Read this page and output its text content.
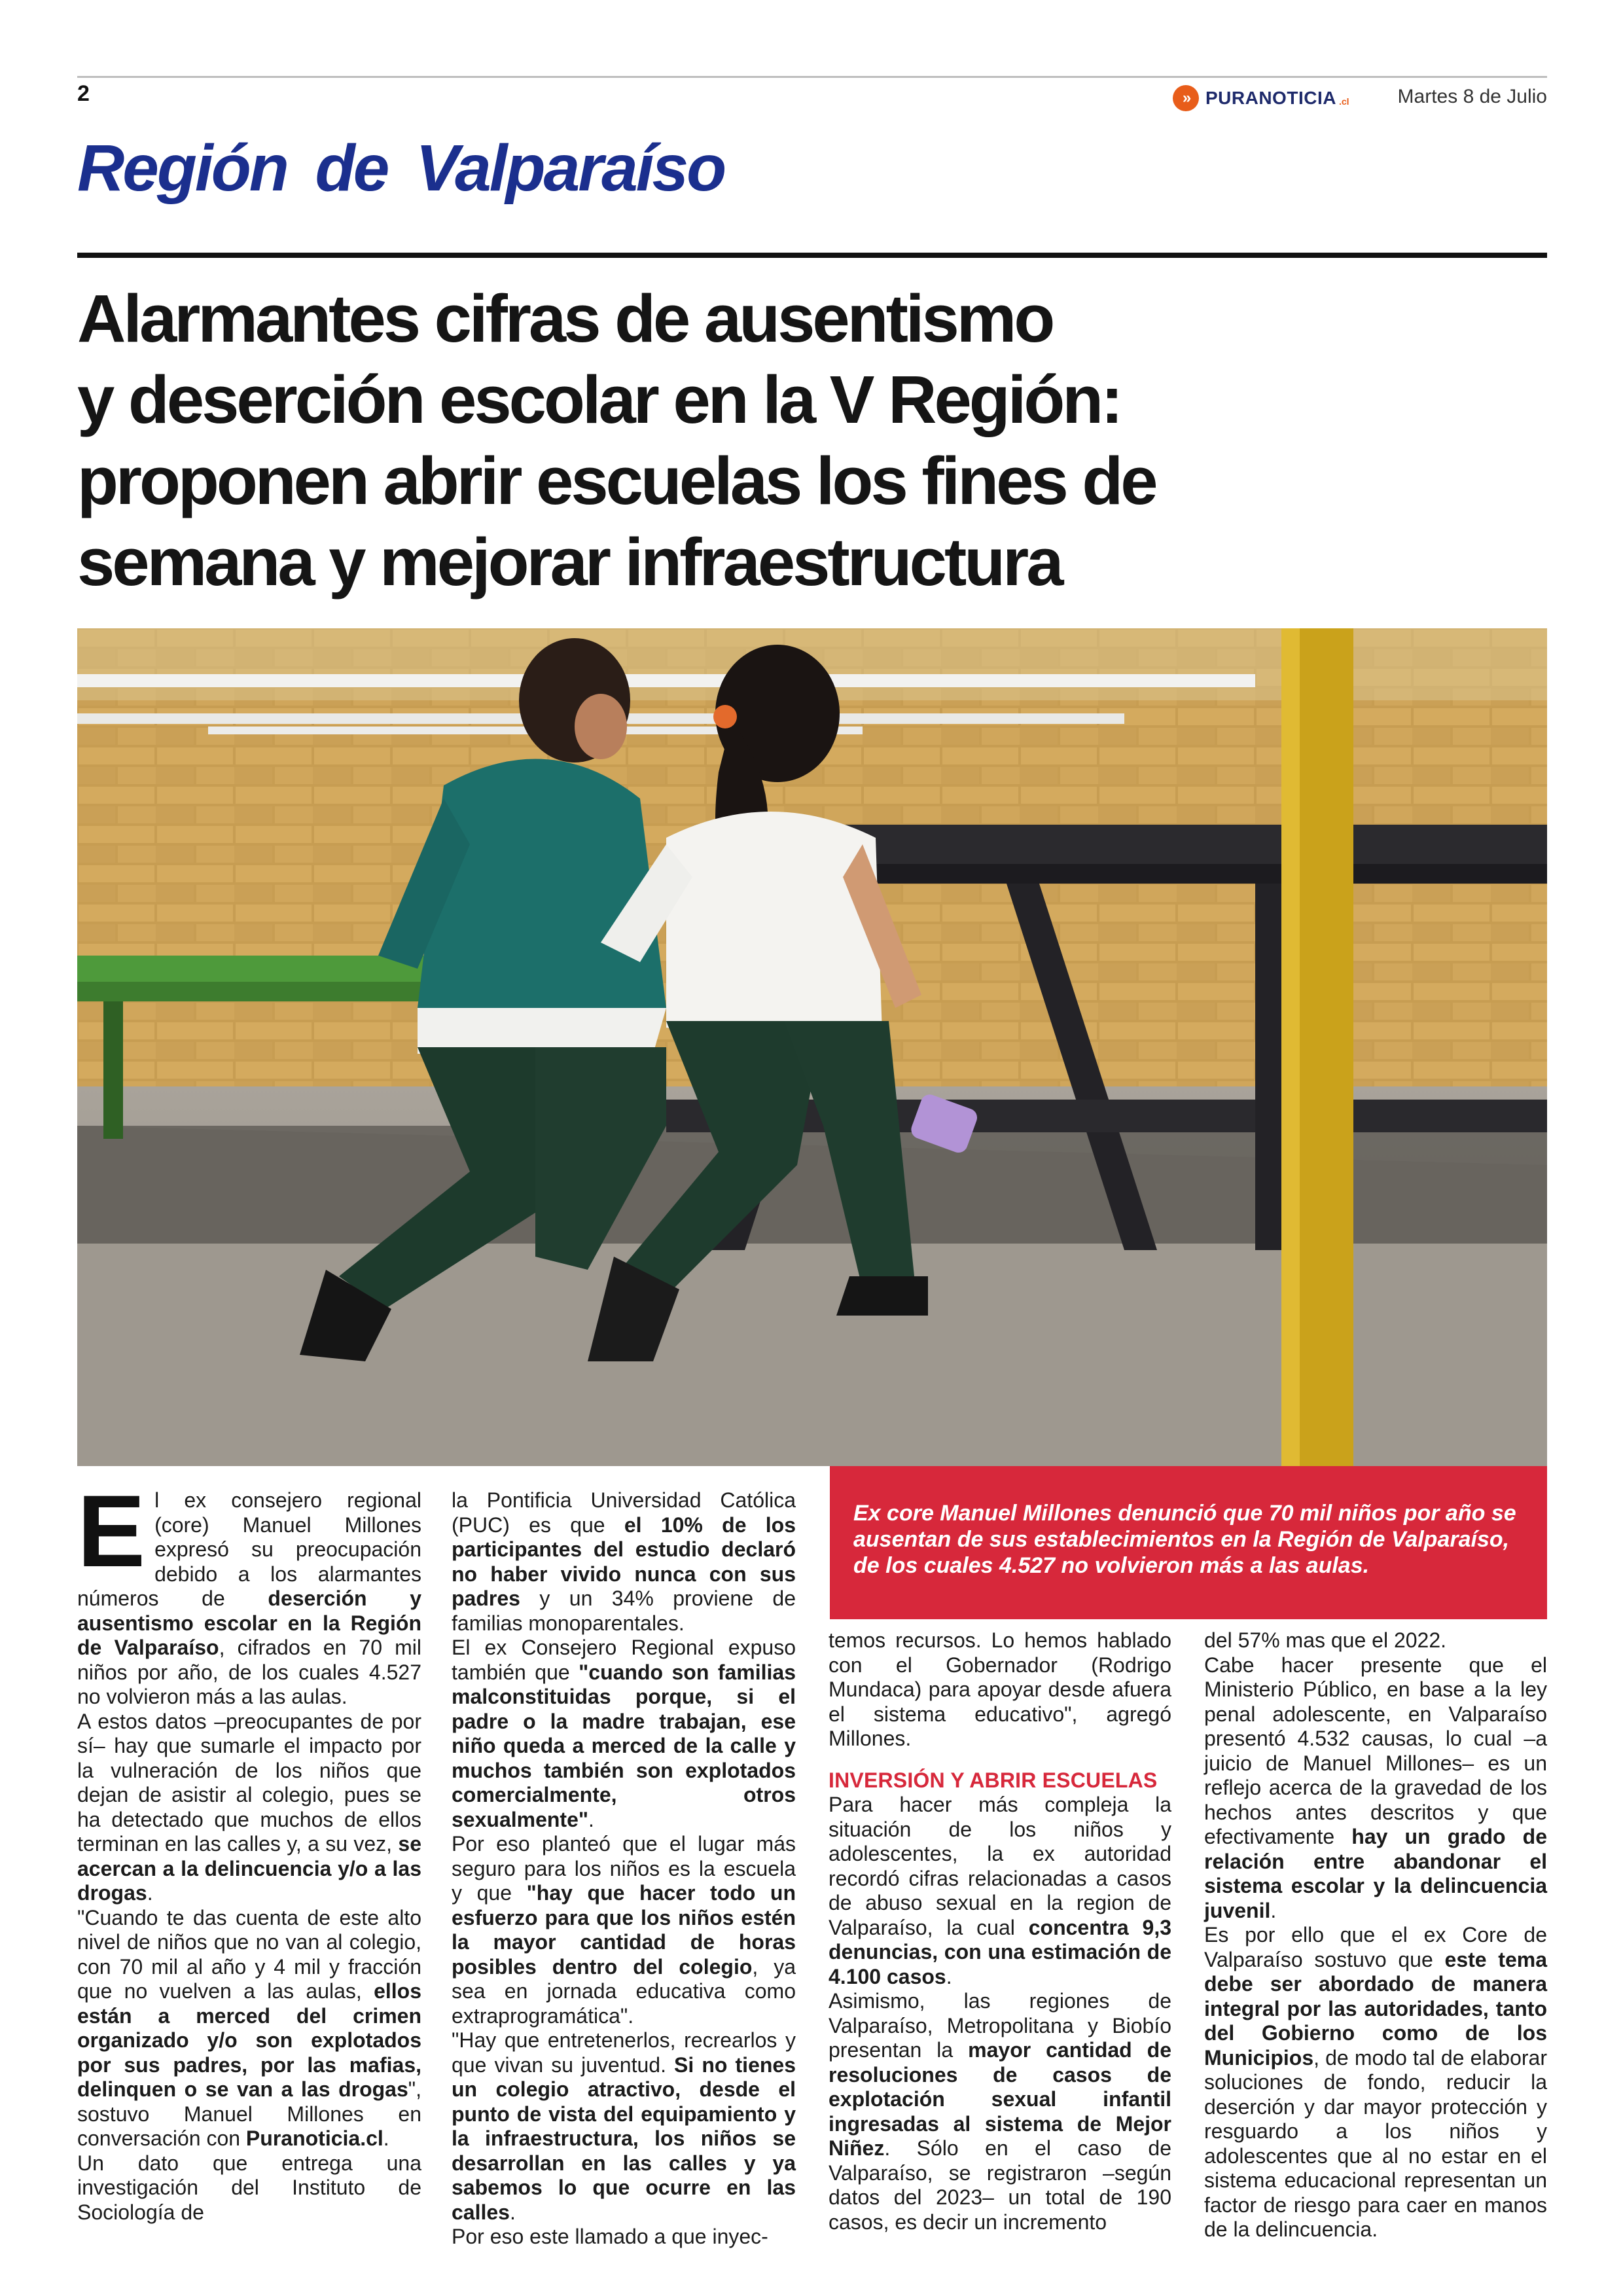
2	» PURANOTICIA .cl	Martes 8 de Julio
Región de Valparaíso
Alarmantes cifras de ausentismo
y deserción escolar en la V Región:
proponen abrir escuelas los fines de
semana y mejorar infraestructura
Ex core Manuel Millones denunció que 70 mil niños por año se ausentan de sus establecimientos en la Región de Valparaíso, de los cuales 4.527 no volvieron más a las aulas.

El ex consejero regional (core) Manuel Millones expresó su preocupación debido a los alarmantes números de deserción y ausentismo escolar en la Región de Valparaíso, cifrados en 70 mil niños por año, de los cuales 4.527 no volvieron más a las aulas.

A estos datos –preocupantes de por sí– hay que sumarle el impacto por la vulneración de los niños que dejan de asistir al colegio, pues se ha detectado que muchos de ellos terminan en las calles y, a su vez, se acercan a la delincuencia y/o a las drogas.

"Cuando te das cuenta de este alto nivel de niños que no van al colegio, con 70 mil al año y 4 mil y fracción que no vuelven a las aulas, ellos están a merced del crimen organizado y/o son explotados por sus padres, por las mafias, delinquen o se van a las drogas", sostuvo Manuel Millones en conversación con Puranoticia.cl.

Un dato que entrega una investigación del Instituto de Sociología de

la Pontificia Universidad Católica (PUC) es que el 10% de los participantes del estudio declaró no haber vivido nunca con sus padres y un 34% proviene de familias monoparentales.

El ex Consejero Regional expuso también que "cuando son familias malconstituidas porque, si el padre o la madre trabajan, ese niño queda a merced de la calle y muchos también son explotados comercialmente, otros sexualmente".

Por eso planteó que el lugar más seguro para los niños es la escuela y que "hay que hacer todo un esfuerzo para que los niños estén la mayor cantidad de horas posibles dentro del colegio, ya sea en jornada educativa como extraprogramática".

"Hay que entretenerlos, recrearlos y que vivan su juventud. Si no tienes un colegio atractivo, desde el punto de vista del equipamiento y la infraestructura, los niños se desarrollan en las calles y ya sabemos lo que ocurre en las calles.

Por eso este llamado a que inyec-

temos recursos. Lo hemos hablado con el Gobernador (Rodrigo Mundaca) para apoyar desde afuera el sistema educativo", agregó Millones.

INVERSIÓN Y ABRIR ESCUELAS

Para hacer más compleja la situación de los niños y adolescentes, la ex autoridad recordó cifras relacionadas a casos de abuso sexual en la region de Valparaíso, la cual concentra 9,3 denuncias, con una estimación de 4.100 casos.

Asimismo, las regiones de Valparaíso, Metropolitana y Biobío presentan la mayor cantidad de resoluciones de casos de explotación sexual infantil ingresadas al sistema de Mejor Niñez. Sólo en el caso de Valparaíso, se registraron –según datos del 2023– un total de 190 casos, es decir un incremento

del 57% mas que el 2022.

Cabe hacer presente que el Ministerio Público, en base a la ley penal adolescente, en Valparaíso presentó 4.532 causas, lo cual –a juicio de Manuel Millones– es un reflejo acerca de la gravedad de los hechos antes descritos y que efectivamente hay un grado de relación entre abandonar el sistema escolar y la delincuencia juvenil.

Es por ello que el ex Core de Valparaíso sostuvo que este tema debe ser abordado de manera integral por las autoridades, tanto del Gobierno como de los Municipios, de modo tal de elaborar soluciones de fondo, reducir la deserción y dar mayor protección y resguardo a los niños y adolescentes que al no estar en el sistema educacional representan un factor de riesgo para caer en manos de la delincuencia.
